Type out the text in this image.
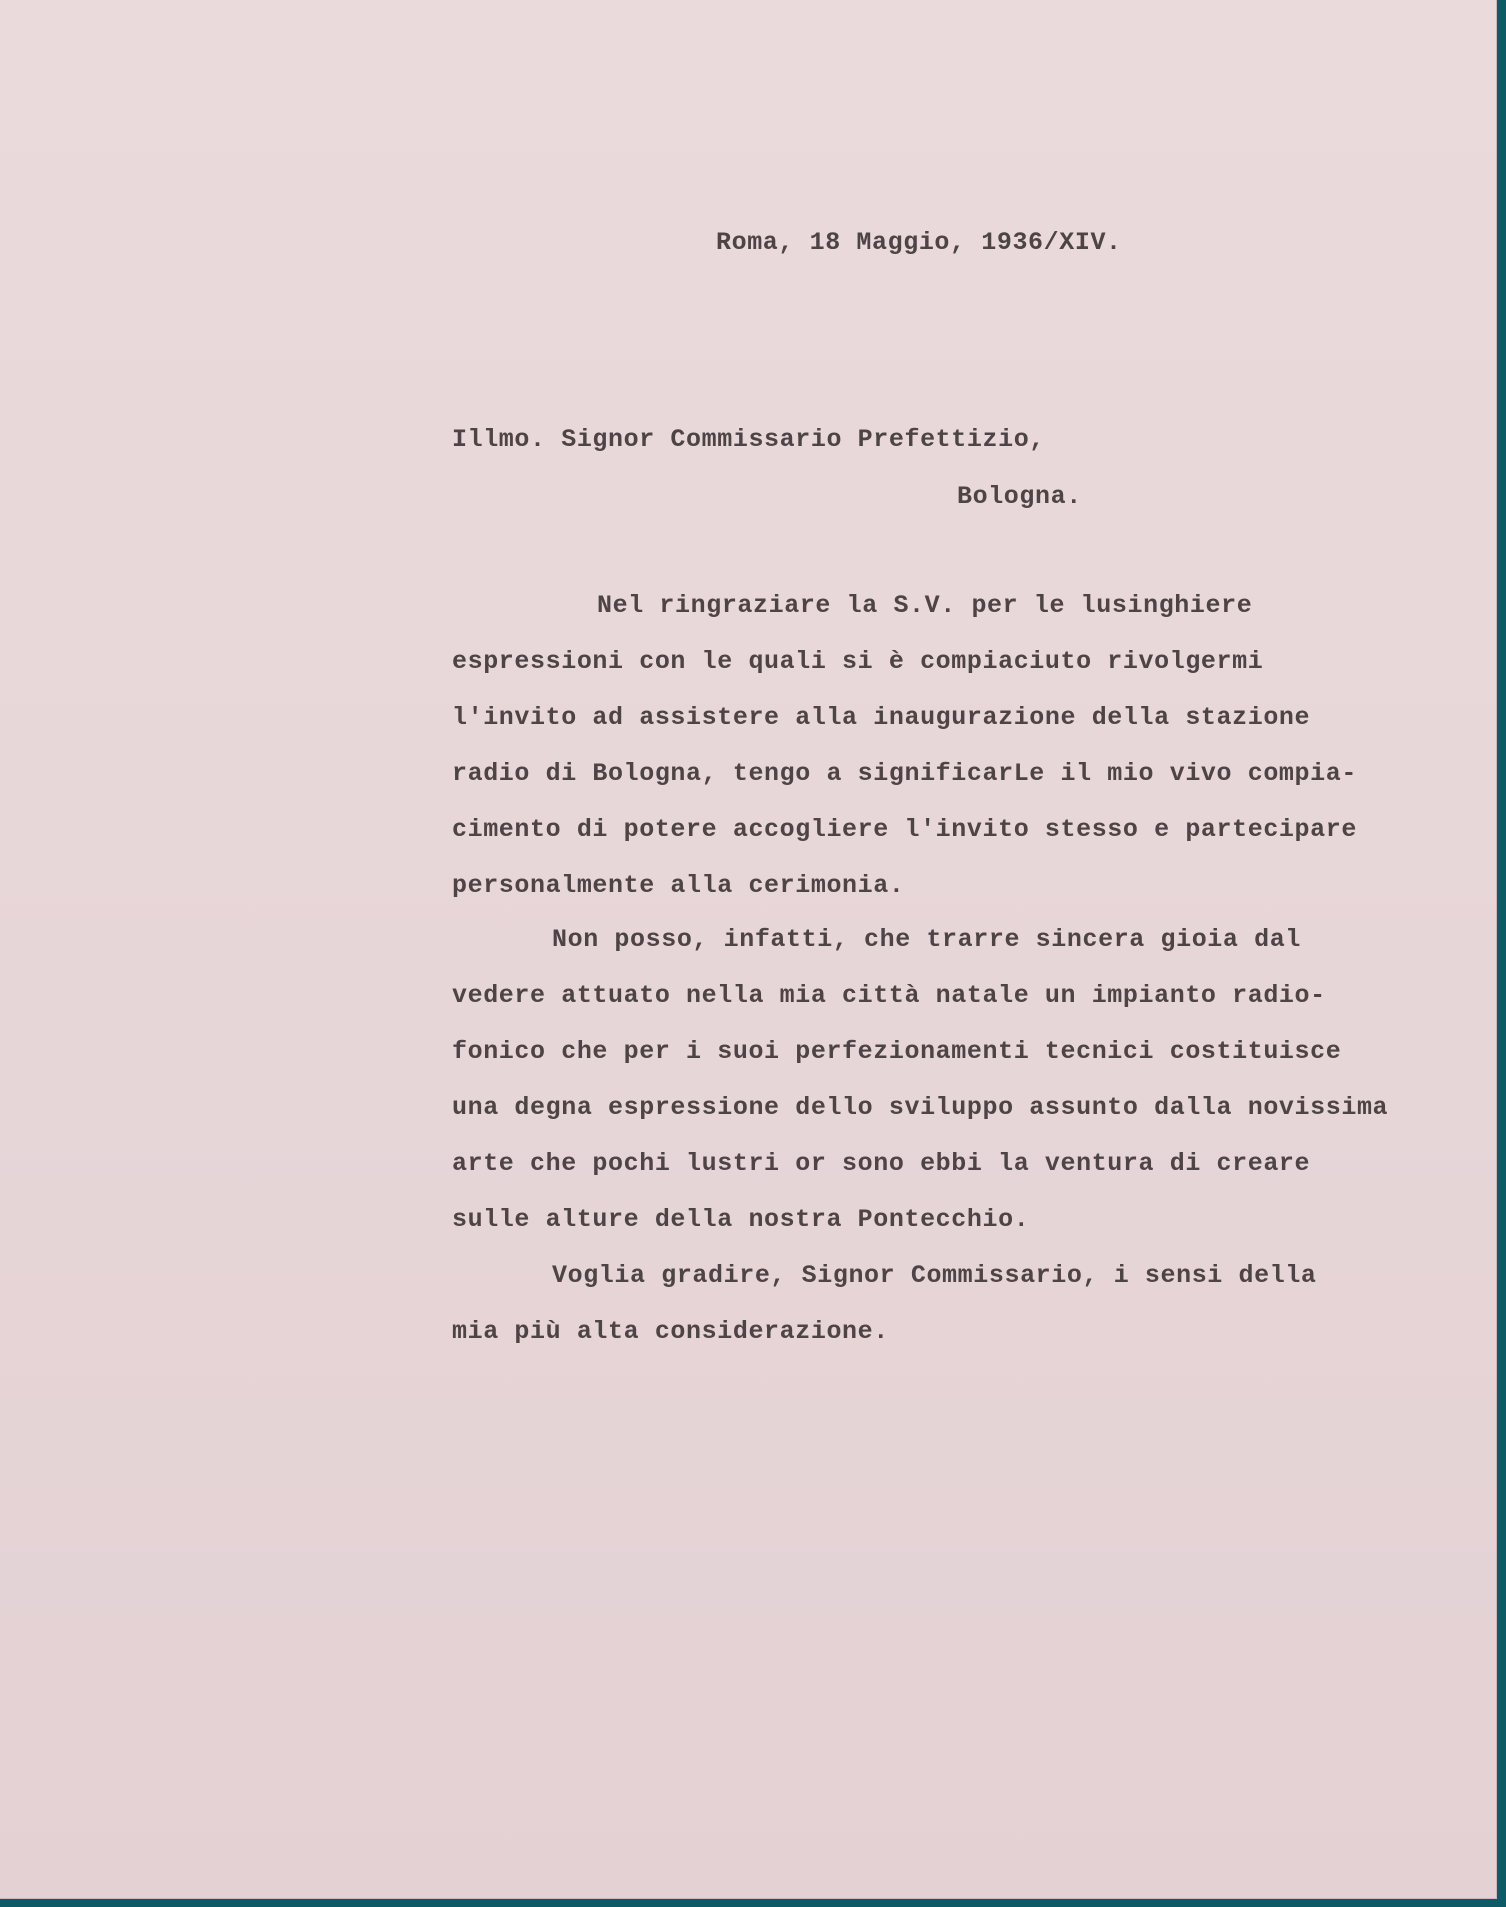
Roma, 18 Maggio, 1936/XIV.

Illmo. Signor Commissario Prefettizio,

Bologna.

Nel ringraziare la S.V. per le lusinghiere

espressioni con le quali si è compiaciuto rivolgermi

l'invito ad assistere alla inaugurazione della stazione

radio di Bologna, tengo a significarLe il mio vivo compia-

cimento di potere accogliere l'invito stesso e partecipare

personalmente alla cerimonia.

Non posso, infatti, che trarre sincera gioia dal

vedere attuato nella mia città natale un impianto radio-

fonico che per i suoi perfezionamenti tecnici costituisce

una degna espressione dello sviluppo assunto dalla novissima

arte che pochi lustri or sono ebbi la ventura di creare

sulle alture della nostra Pontecchio.

Voglia gradire, Signor Commissario, i sensi della

mia più alta considerazione.
